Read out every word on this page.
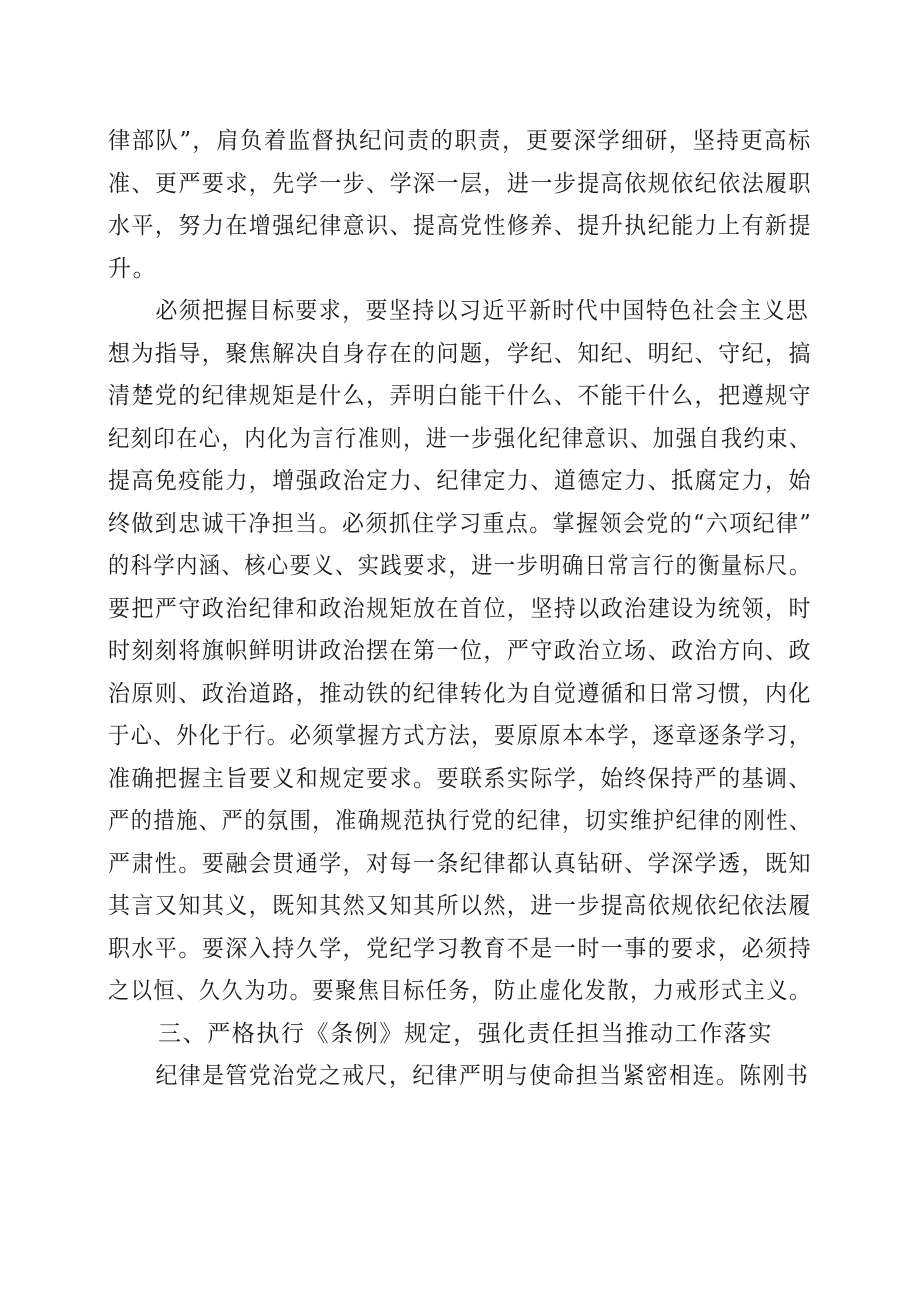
律部队”，肩负着监督执纪问责的职责，更要深学细研，坚持更高标
准、更严要求，先学一步、学深一层，进一步提高依规依纪依法履职
水平，努力在增强纪律意识、提高党性修养、提升执纪能力上有新提
升。
必须把握目标要求，要坚持以习近平新时代中国特色社会主义思
想为指导，聚焦解决自身存在的问题，学纪、知纪、明纪、守纪，搞
清楚党的纪律规矩是什么，弄明白能干什么、不能干什么，把遵规守
纪刻印在心，内化为言行准则，进一步强化纪律意识、加强自我约束、
提高免疫能力，增强政治定力、纪律定力、道德定力、抵腐定力，始
终做到忠诚干净担当。必须抓住学习重点。掌握领会党的“六项纪律”
的科学内涵、核心要义、实践要求，进一步明确日常言行的衡量标尺。
要把严守政治纪律和政治规矩放在首位，坚持以政治建设为统领，时
时刻刻将旗帜鲜明讲政治摆在第一位，严守政治立场、政治方向、政
治原则、政治道路，推动铁的纪律转化为自觉遵循和日常习惯，内化
于心、外化于行。必须掌握方式方法，要原原本本学，逐章逐条学习，
准确把握主旨要义和规定要求。要联系实际学，始终保持严的基调、
严的措施、严的氛围，准确规范执行党的纪律，切实维护纪律的刚性、
严肃性。要融会贯通学，对每一条纪律都认真钻研、学深学透，既知
其言又知其义，既知其然又知其所以然，进一步提高依规依纪依法履
职水平。要深入持久学，党纪学习教育不是一时一事的要求，必须持
之以恒、久久为功。要聚焦目标任务，防止虚化发散，力戒形式主义。
三、严格执行《条例》规定，强化责任担当推动工作落实
纪律是管党治党之戒尺，纪律严明与使命担当紧密相连。陈刚书
